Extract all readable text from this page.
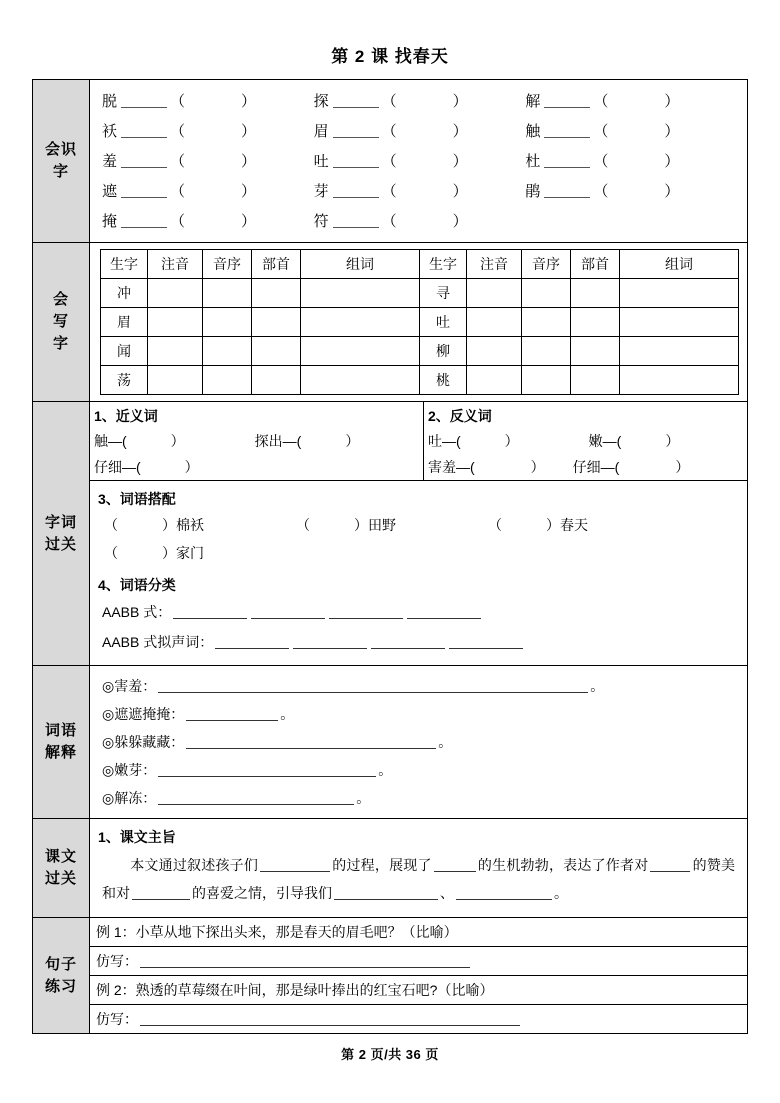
第 2 课 找春天
会识
字

脱	（	）	探	（	）	解	（	）

袄	（	）	眉	（	）	触	（	）

羞	（	）	吐	（	）	杜	（	）

遮	（	）	芽	（	）	鹃	（	）

掩	（	）	符	（	）

会
写
字

生字	注音	音序	部首	组词	生字	注音	音序	部首	组词
冲					寻				
眉					吐				
闻					柳				
荡					桃				

字词
过关

1、近义词
触—(	）	探出—(	）
仔细—(	）

2、反义词
吐—(	）	嫩—(	）
害羞—(	） 仔细—(	）
3、词语搭配
（	）棉袄	（	）田野	（	）春天
（	）家门
4、词语分类
AABB 式：
AABB 式拟声词：

词语
解释

◎害羞：	。
◎遮遮掩掩：	。
◎躲躲藏藏：	。
◎嫩芽：	。
◎解冻：	。

课文
过关

1、课文主旨
本文通过叙述孩子们	的过程，展现了	的生机勃勃，表达了作者对	的赞美和对	的喜爱之情，引导我们	、	。

句子
练习

例 1：小草从地下探出头来，那是春天的眉毛吧？（比喻）
仿写：
例 2：熟透的草莓缀在叶间，那是绿叶捧出的红宝石吧?（比喻）
仿写：
第 2 页/共 36 页
